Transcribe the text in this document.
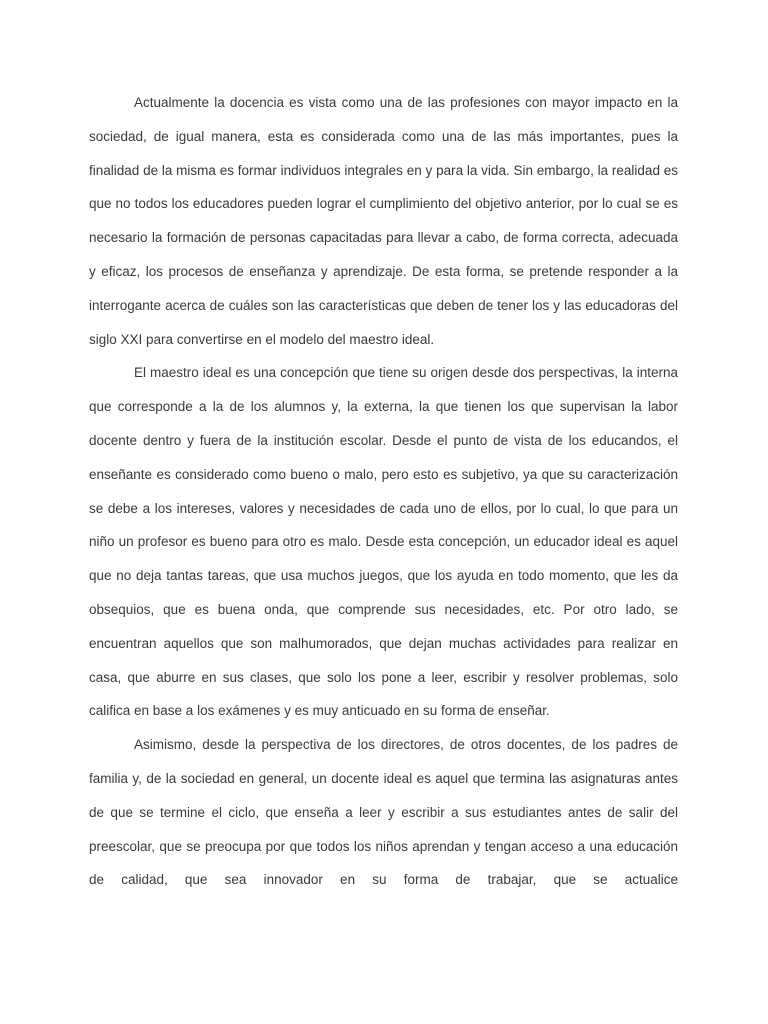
Actualmente la docencia es vista como una de las profesiones con mayor impacto en la sociedad, de igual manera, esta es considerada como una de las más importantes, pues la finalidad de la misma es formar individuos integrales en y para la vida. Sin embargo, la realidad es que no todos los educadores pueden lograr el cumplimiento del objetivo anterior, por lo cual se es necesario la formación de personas capacitadas para llevar a cabo, de forma correcta, adecuada y eficaz, los procesos de enseñanza y aprendizaje. De esta forma, se pretende responder a la interrogante acerca de cuáles son las características que deben de tener los y las educadoras del siglo XXI para convertirse en el modelo del maestro ideal.

El maestro ideal es una concepción que tiene su origen desde dos perspectivas, la interna que corresponde a la de los alumnos y, la externa, la que tienen los que supervisan la labor docente dentro y fuera de la institución escolar. Desde el punto de vista de los educandos, el enseñante es considerado como bueno o malo, pero esto es subjetivo, ya que su caracterización se debe a los intereses, valores y necesidades de cada uno de ellos, por lo cual, lo que para un niño un profesor es bueno para otro es malo. Desde esta concepción, un educador ideal es aquel que no deja tantas tareas, que usa muchos juegos, que los ayuda en todo momento, que les da obsequios, que es buena onda, que comprende sus necesidades, etc. Por otro lado, se encuentran aquellos que son malhumorados, que dejan muchas actividades para realizar en casa, que aburre en sus clases, que solo los pone a leer, escribir y resolver problemas, solo califica en base a los exámenes y es muy anticuado en su forma de enseñar.

Asimismo, desde la perspectiva de los directores, de otros docentes, de los padres de familia y, de la sociedad en general, un docente ideal es aquel que termina las asignaturas antes de que se termine el ciclo, que enseña a leer y escribir a sus estudiantes antes de salir del preescolar, que se preocupa por que todos los niños aprendan y tengan acceso a una educación de calidad, que sea innovador en su forma de trabajar, que se actualice
